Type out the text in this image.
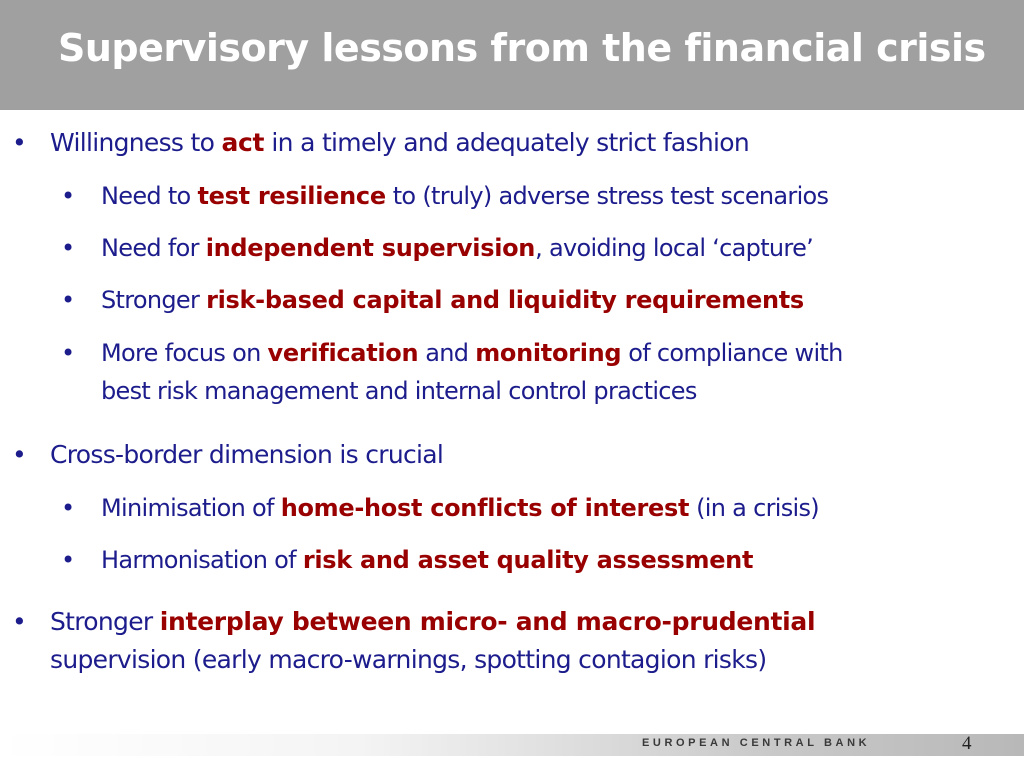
Supervisory lessons from the financial crisis
• Willingness to act in a timely and adequately strict fashion
• Need to test resilience to (truly) adverse stress test scenarios
• Need for independent supervision, avoiding local ‘capture’
• Stronger risk-based capital and liquidity requirements
• More focus on verification and monitoring of compliance with
best risk management and internal control practices
• Cross-border dimension is crucial
• Minimisation of home-host conflicts of interest (in a crisis)
• Harmonisation of risk and asset quality assessment
• Stronger interplay between micro- and macro-prudential
supervision (early macro-warnings, spotting contagion risks)
EUROPEAN CENTRAL BANK	4
